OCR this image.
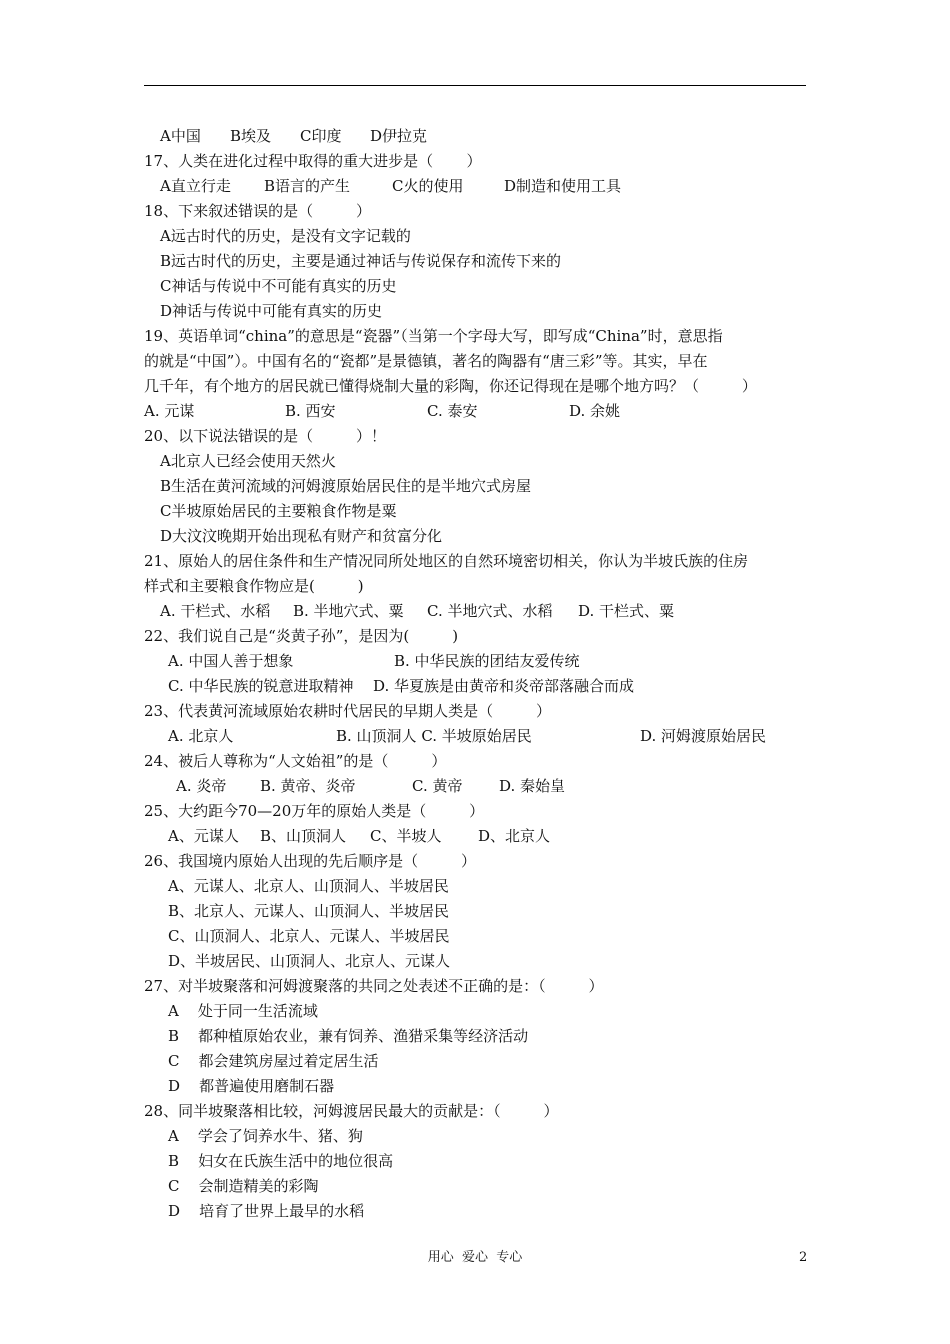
A中国

B埃及

C印度

D伊拉克

17、人类在进化过程中取得的重大进步是（       ）

A直立行走

B语言的产生

	C火的使用

	D制造和使用工具

18、下来叙述错误的是（         ）
A远古时代的历史，是没有文字记载的
B远古时代的历史，主要是通过神话与传说保存和流传下来的
C神话与传说中不可能有真实的历史
D神话与传说中可能有真实的历史
19、英语单词“china”的意思是“瓷器”（当第一个字母大写，即写成“China”时，意思指
的就是“中国”）。中国有名的“瓷都”是景德镇，著名的陶器有“唐三彩”等。其实，早在
几千年，有个地方的居民就已懂得烧制大量的彩陶，你还记得现在是哪个地方吗？（         ）

A. 元谋

	B. 西安

	C. 泰安

	D. 余姚

20、以下说法错误的是（         ）！
A北京人已经会使用天然火
B生活在黄河流域的河姆渡原始居民住的是半地穴式房屋
C半坡原始居民的主要粮食作物是粟
D大汶汶晚期开始出现私有财产和贫富分化
21、原始人的居住条件和生产情况同所处地区的自然环境密切相关，你认为半坡氏族的住房
样式和主要粮食作物应是(         )

A. 干栏式、水稻

B. 半地穴式、粟

C. 半地穴式、水稻

D. 干栏式、粟

22、我们说自己是“炎黄子孙”，是因为(         )

A. 中国人善于想象

	B. 中华民族的团结友爱传统

C. 中华民族的锐意进取精神

D. 华夏族是由黄帝和炎帝部落融合而成

23、代表黄河流域原始农耕时代居民的早期人类是（         ）

A. 北京人

	B. 山顶洞人 C. 半坡原始居民

	D. 河姆渡原始居民

24、被后人尊称为“人文始祖”的是（         ）

A. 炎帝

B. 黄帝、炎帝

	C. 黄帝

D. 秦始皇

25、大约距今70—20万年的原始人类是（         ）

A、元谋人

B、山顶洞人

C、半坡人

D、北京人

26、我国境内原始人出现的先后顺序是（         ）
A、元谋人、北京人、山顶洞人、半坡居民
B、北京人、元谋人、山顶洞人、半坡居民
C、山顶洞人、北京人、元谋人、半坡居民
D、半坡居民、山顶洞人、北京人、元谋人
27、对半坡聚落和河姆渡聚落的共同之处表述不正确的是：（         ）
A    处于同一生活流域
B    都种植原始农业，兼有饲养、渔猎采集等经济活动
C    都会建筑房屋过着定居生活
D    都普遍使用磨制石器
28、同半坡聚落相比较，河姆渡居民最大的贡献是：（         ）
A    学会了饲养水牛、猪、狗
B    妇女在氏族生活中的地位很高
C    会制造精美的彩陶
D    培育了世界上最早的水稻
用心  爱心  专心	2
